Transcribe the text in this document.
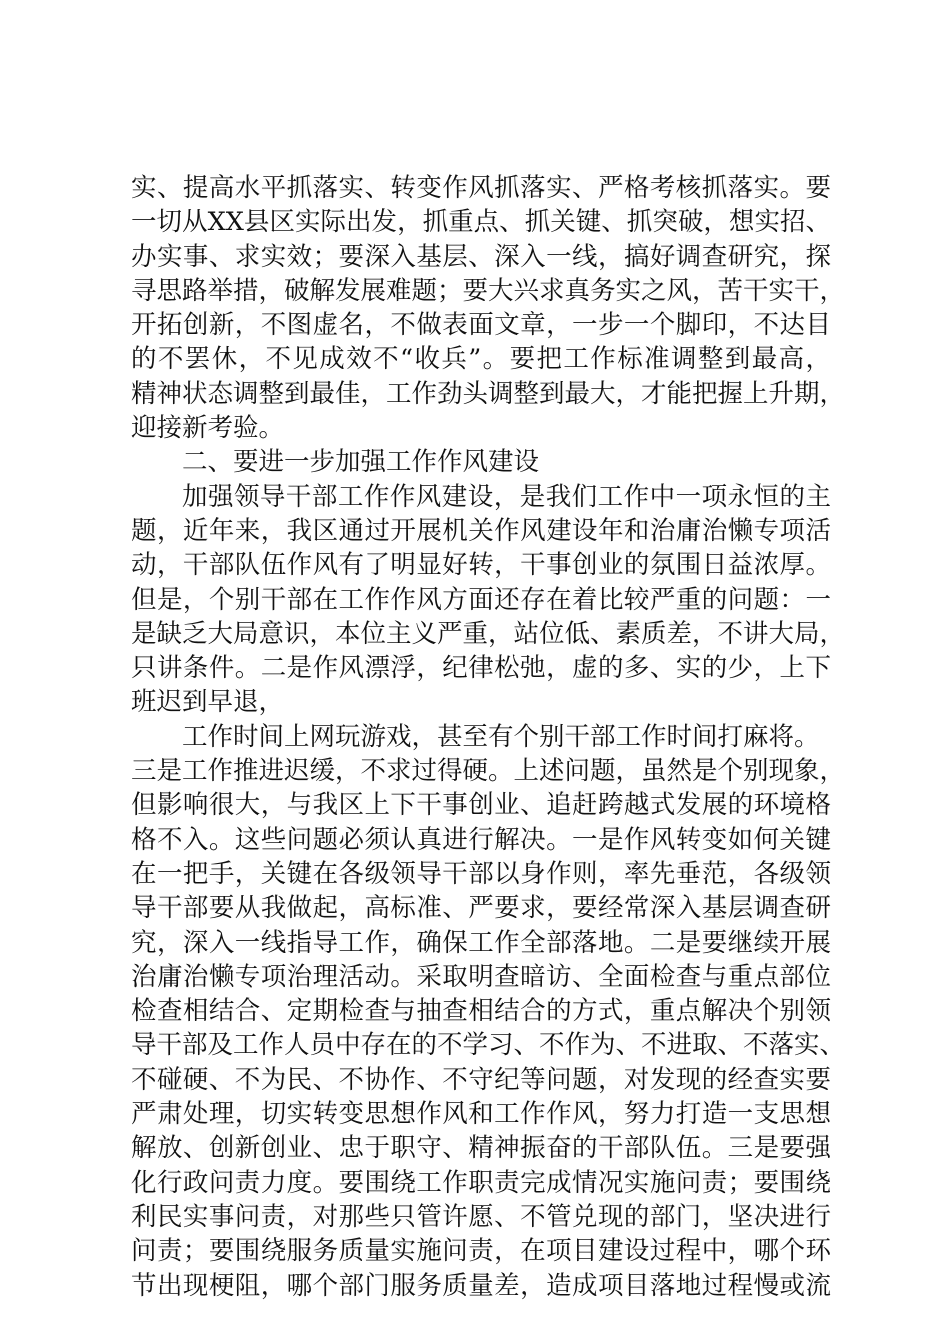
实、提高水平抓落实、转变作风抓落实、严格考核抓落实。要
一切从XX县区实际出发，抓重点、抓关键、抓突破，想实招、
办实事、求实效；要深入基层、深入一线，搞好调查研究，探
寻思路举措，破解发展难题；要大兴求真务实之风，苦干实干，
开拓创新，不图虚名，不做表面文章，一步一个脚印，不达目
的不罢休，不见成效不“收兵”。要把工作标准调整到最高，
精神状态调整到最佳，工作劲头调整到最大，才能把握上升期，
迎接新考验。
二、要进一步加强工作作风建设
加强领导干部工作作风建设，是我们工作中一项永恒的主
题，近年来，我区通过开展机关作风建设年和治庸治懒专项活
动，干部队伍作风有了明显好转，干事创业的氛围日益浓厚。
但是，个别干部在工作作风方面还存在着比较严重的问题：一
是缺乏大局意识，本位主义严重，站位低、素质差，不讲大局，
只讲条件。二是作风漂浮，纪律松弛，虚的多、实的少，上下
班迟到早退，
工作时间上网玩游戏，甚至有个别干部工作时间打麻将。
三是工作推进迟缓，不求过得硬。上述问题，虽然是个别现象，
但影响很大，与我区上下干事创业、追赶跨越式发展的环境格
格不入。这些问题必须认真进行解决。一是作风转变如何关键
在一把手，关键在各级领导干部以身作则，率先垂范，各级领
导干部要从我做起，高标准、严要求，要经常深入基层调查研
究，深入一线指导工作，确保工作全部落地。二是要继续开展
治庸治懒专项治理活动。采取明查暗访、全面检查与重点部位
检查相结合、定期检查与抽查相结合的方式，重点解决个别领
导干部及工作人员中存在的不学习、不作为、不进取、不落实、
不碰硬、不为民、不协作、不守纪等问题，对发现的经查实要
严肃处理，切实转变思想作风和工作作风，努力打造一支思想
解放、创新创业、忠于职守、精神振奋的干部队伍。三是要强
化行政问责力度。要围绕工作职责完成情况实施问责；要围绕
利民实事问责，对那些只管许愿、不管兑现的部门，坚决进行
问责；要围绕服务质量实施问责，在项目建设过程中，哪个环
节出现梗阻，哪个部门服务质量差，造成项目落地过程慢或流
